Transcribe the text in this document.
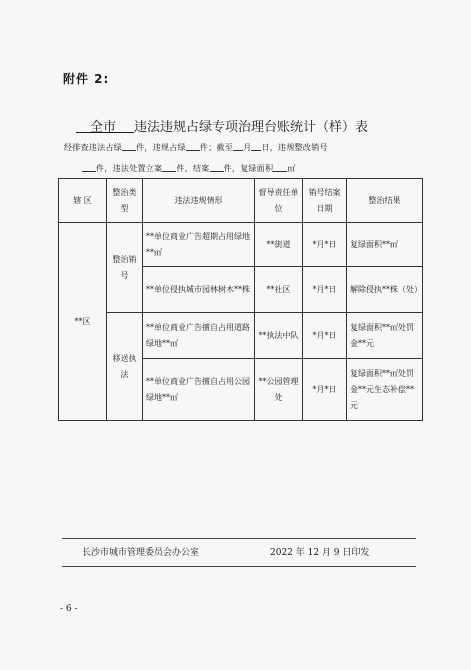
附件 2:
全市 违法违规占绿专项治理台账统计（样）表
经排查违法占绿 件，违规占绿 件；截至 月 日，违规整改销号
件，违法处置立案 件，结案 件，复绿面积 ㎡
辖 区	整治类型	违法违规情形	督导责任单位	销号结案日期	整治结果
**区	整治销号	**单位商业广告超期占用绿地**㎡	**街道	*月*日	复绿面积**㎡
		**单位侵执城市园林树木**株	**社区	*月*日	解除侵执**株（处）
	移送执法	**单位商业广告擅自占用道路绿地**㎡	**执法中队	*月*日	复绿面积**㎡处罚金**元
		**单位商业广告擅自占用公园绿地**㎡	**公园管理处	*月*日	复绿面积**㎡处罚金**元生态补偿**元
长沙市城市管理委员会办公室	2022 年 12 月 9 日印发
- 6 -
